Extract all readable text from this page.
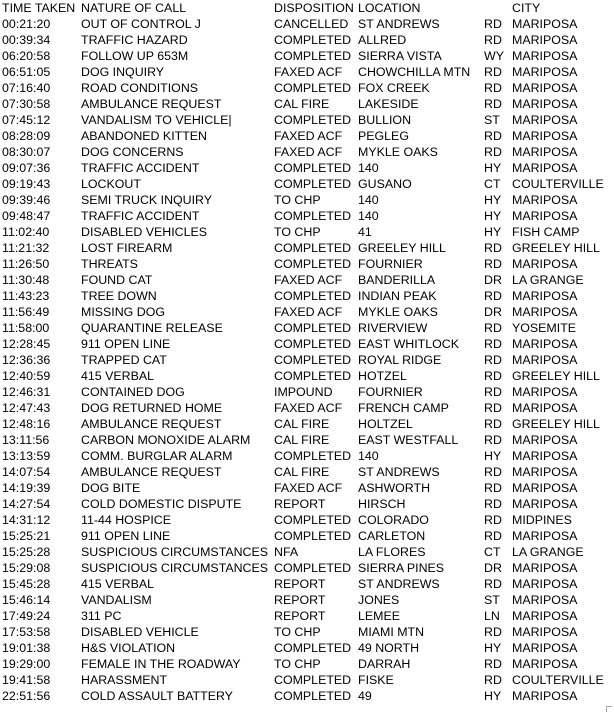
TIME TAKEN NATURE OF CALL	DISPOSITION LOCATION	CITY
00:21:20	OUT OF CONTROL J	CANCELLED ST ANDREWS	RD MARIPOSA
00:39:34	TRAFFIC HAZARD	COMPLETED ALLRED	RD MARIPOSA
06:20:58	FOLLOW UP 653M	COMPLETED SIERRA VISTA	WY MARIPOSA
06:51:05	DOG INQUIRY	FAXED ACF	CHOWCHILLA MTN	RD MARIPOSA
07:16:40	ROAD CONDITIONS	COMPLETED FOX CREEK	RD MARIPOSA
07:30:58	AMBULANCE REQUEST	CAL FIRE	LAKESIDE	RD MARIPOSA
07:45:12	VANDALISM TO VEHICLE|	COMPLETED BULLION	ST MARIPOSA
08:28:09	ABANDONED KITTEN	FAXED ACF	PEGLEG	RD MARIPOSA
08:30:07	DOG CONCERNS	FAXED ACF	MYKLE OAKS	RD MARIPOSA
09:07:36	TRAFFIC ACCIDENT	COMPLETED 140	HY MARIPOSA
09:19:43	LOCKOUT	COMPLETED GUSANO	CT COULTERVILLE
09:39:46	SEMI TRUCK INQUIRY	TO CHP	140	HY MARIPOSA
09:48:47	TRAFFIC ACCIDENT	COMPLETED 140	HY MARIPOSA
11:02:40	DISABLED VEHICLES	TO CHP	41	HY FISH CAMP
11:21:32	LOST FIREARM	COMPLETED GREELEY HILL	RD GREELEY HILL
11:26:50	THREATS	COMPLETED FOURNIER	RD MARIPOSA
11:30:48	FOUND CAT	FAXED ACF	BANDERILLA	DR LA GRANGE
11:43:23	TREE DOWN	COMPLETED INDIAN PEAK	RD MARIPOSA
11:56:49	MISSING DOG	FAXED ACF	MYKLE OAKS	DR MARIPOSA
11:58:00	QUARANTINE RELEASE	COMPLETED RIVERVIEW	RD YOSEMITE
12:28:45	911 OPEN LINE	COMPLETED EAST WHITLOCK	RD MARIPOSA
12:36:36	TRAPPED CAT	COMPLETED ROYAL RIDGE	RD MARIPOSA
12:40:59	415 VERBAL	COMPLETED HOTZEL	RD GREELEY HILL
12:46:31	CONTAINED DOG	IMPOUND	FOURNIER	RD MARIPOSA
12:47:43	DOG RETURNED HOME	FAXED ACF	FRENCH CAMP	RD MARIPOSA
12:48:16	AMBULANCE REQUEST	CAL FIRE	HOLTZEL	RD GREELEY HILL
13:11:56	CARBON MONOXIDE ALARM	CAL FIRE	EAST WESTFALL	RD MARIPOSA
13:13:59	COMM. BURGLAR ALARM	COMPLETED 140	HY MARIPOSA
14:07:54	AMBULANCE REQUEST	CAL FIRE	ST ANDREWS	RD MARIPOSA
14:19:39	DOG BITE	FAXED ACF	ASHWORTH	RD MARIPOSA
14:27:54	COLD DOMESTIC DISPUTE	REPORT	HIRSCH	RD MARIPOSA
14:31:12	11-44 HOSPICE	COMPLETED COLORADO	RD MIDPINES
15:25:21	911 OPEN LINE	COMPLETED CARLETON	RD MARIPOSA
15:25:28	SUSPICIOUS CIRCUMSTANCES NFA	LA FLORES	CT LA GRANGE
15:29:08	SUSPICIOUS CIRCUMSTANCES COMPLETED SIERRA PINES	DR MARIPOSA
15:45:28	415 VERBAL	REPORT	ST ANDREWS	RD MARIPOSA
15:46:14	VANDALISM	REPORT	JONES	ST MARIPOSA
17:49:24	311 PC	REPORT	LEMEE	LN MARIPOSA
17:53:58	DISABLED VEHICLE	TO CHP	MIAMI MTN	RD MARIPOSA
19:01:38	H&S VIOLATION	COMPLETED 49 NORTH	HY MARIPOSA
19:29:00	FEMALE IN THE ROADWAY	TO CHP	DARRAH	RD MARIPOSA
19:41:58	HARASSMENT	COMPLETED FISKE	RD COULTERVILLE
22:51:56	COLD ASSAULT BATTERY	COMPLETED 49	HY MARIPOSA
